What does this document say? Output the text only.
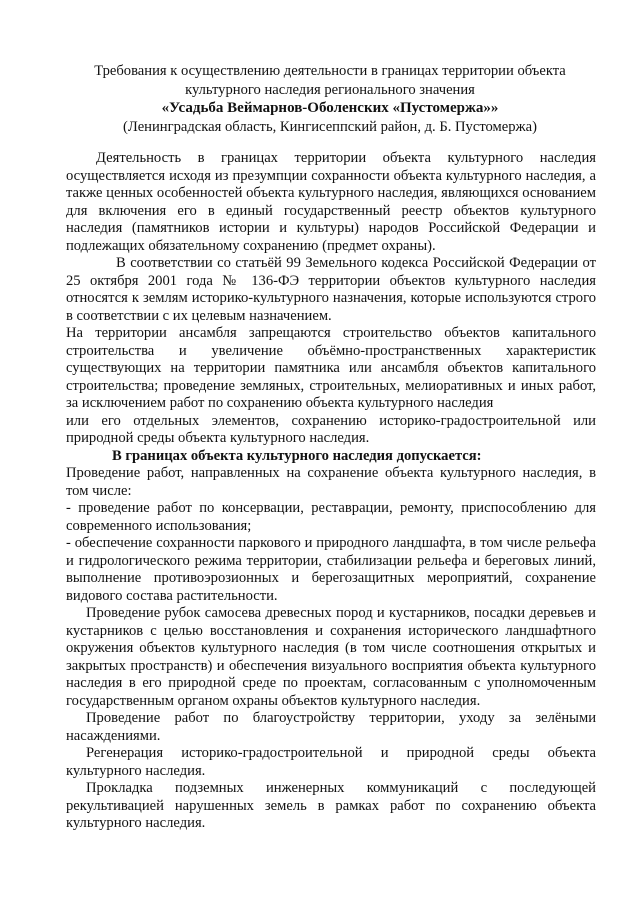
Требования к осуществлению деятельности в границах территории объекта
культурного наследия регионального значения
«Усадьба Веймарнов-Оболенских «Пустомержа»»
(Ленинградская область, Кингисеппский район, д. Б. Пустомержа)

Деятельность в границах территории объекта культурного наследия осуществляется исходя из презумпции сохранности объекта культурного наследия, а также ценных особенностей объекта культурного наследия, являющихся основанием для включения его в единый государственный реестр объектов культурного наследия (памятников истории и культуры) народов Российской Федерации и подлежащих обязательному сохранению (предмет охраны).

В соответствии со статьёй 99 Земельного кодекса Российской Федерации от 25 октября 2001 года № 136-ФЭ территории объектов культурного наследия относятся к землям историко-культурного назначения, которые используются строго в соответствии с их целевым назначением.

На территории ансамбля запрещаются строительство объектов капитального строительства и увеличение объёмно-пространственных характеристик существующих на территории памятника или ансамбля объектов капитального строительства; проведение земляных, строительных, мелиоративных и иных работ, за исключением работ по сохранению объекта культурного наследия

или его отдельных элементов, сохранению историко-градостроительной или природной среды объекта культурного наследия.

В границах объекта культурного наследия допускается:

Проведение работ, направленных на сохранение объекта культурного наследия, в том числе:

- проведение работ по консервации, реставрации, ремонту, приспособлению для современного использования;

- обеспечение сохранности паркового и природного ландшафта, в том числе рельефа и гидрологического режима территории, стабилизации рельефа и береговых линий, выполнение противоэрозионных и берегозащитных мероприятий, сохранение видового состава растительности.

Проведение рубок самосева древесных пород и кустарников, посадки деревьев и кустарников с целью восстановления и сохранения исторического ландшафтного окружения объектов культурного наследия (в том числе соотношения открытых и закрытых пространств) и обеспечения визуального восприятия объекта культурного наследия в его природной среде по проектам, согласованным с уполномоченным государственным органом охраны объектов культурного наследия.

Проведение работ по благоустройству территории, уходу за зелёными насаждениями.

Регенерация историко-градостроительной и природной среды объекта культурного наследия.

Прокладка подземных инженерных коммуникаций с последующей рекультивацией нарушенных земель в рамках работ по сохранению объекта культурного наследия.
